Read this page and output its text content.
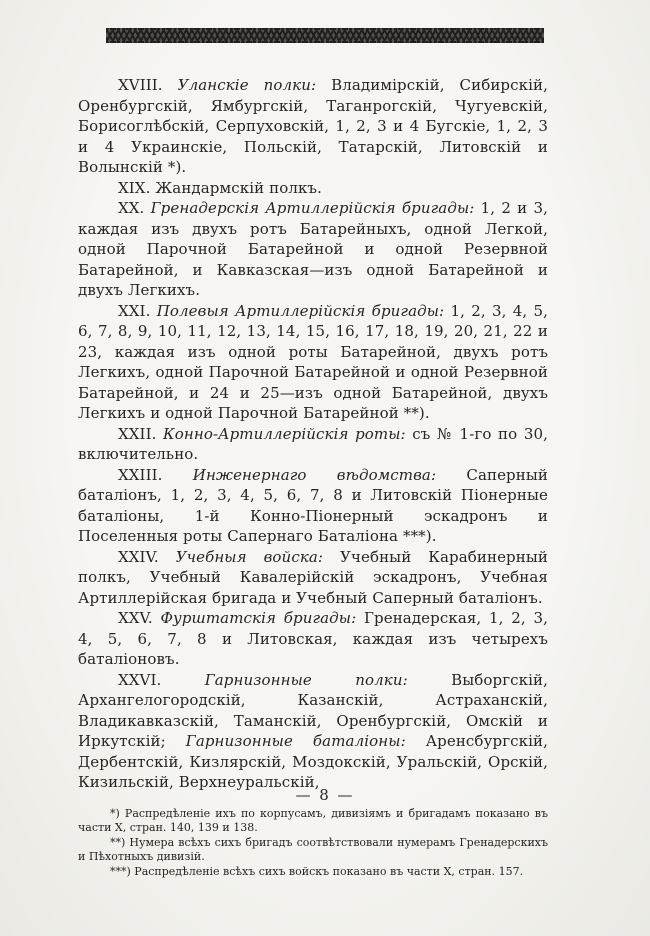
XVIII. Уланскіе полки: Владимірскій, Сибирскій, Оренбургскій, Ямбургскій, Таганрогскій, Чугуевскій, Борисоглѣбскій, Серпуховскій, 1, 2, 3 и 4 Бугскіе, 1, 2, 3 и 4 Украинскіе, Польскій, Татарскій, Литовскій и Волынскій *).

XIX. Жандармскій полкъ.

XX. Гренадерскія Артиллерійскія бригады: 1, 2 и 3, каждая изъ двухъ ротъ Батарейныхъ, одной Легкой, одной Парочной Батарейной и одной Резервной Батарейной, и Кавказская—изъ одной Батарейной и двухъ Легкихъ.

XXI. Полевыя Артиллерійскія бригады: 1, 2, 3, 4, 5, 6, 7, 8, 9, 10, 11, 12, 13, 14, 15, 16, 17, 18, 19, 20, 21, 22 и 23, каждая изъ одной роты Батарейной, двухъ ротъ Легкихъ, одной Парочной Батарейной и одной Резервной Батарейной, и 24 и 25—изъ одной Батарейной, двухъ Легкихъ и одной Парочной Батарейной **).

XXII. Конно-Артиллерійскія роты: съ № 1-го по 30, включительно.

XXIII. Инженернаго вѣдомства: Саперный баталіонъ, 1, 2, 3, 4, 5, 6, 7, 8 и Литовскій Піонерные баталіоны, 1-й Конно-Піонерный эскадронъ и Поселенныя роты Сапернаго Баталіона ***).

XXIV. Учебныя войска: Учебный Карабинерный полкъ, Учебный Кавалерійскій эскадронъ, Учебная Артиллерійская бригада и Учебный Саперный баталіонъ.

XXV. Фурштатскія бригады: Гренадерская, 1, 2, 3, 4, 5, 6, 7, 8 и Литовская, каждая изъ четырехъ баталіоновъ.

XXVI. Гарнизонные полки: Выборгскій, Архангелогородскій, Казанскій, Астраханскій, Владикавказскій, Таманскій, Оренбургскій, Омскій и Иркутскій; Гарнизонные баталіоны: Аренсбургскій, Дербентскій, Кизлярскій, Моздокскій, Уральскій, Орскій, Кизильскій, Верхнеуральскій,

*) Распредѣленіе ихъ по корпусамъ, дивизіямъ и бригадамъ показано въ части X, стран. 140, 139 и 138.

**) Нумера всѣхъ сихъ бригадъ соотвѣтствовали нумерамъ Гренадерскихъ и Пѣхотныхъ дивизій.

***) Распредѣленіе всѣхъ сихъ войскъ показано въ части X, стран. 157.

— 8 —
